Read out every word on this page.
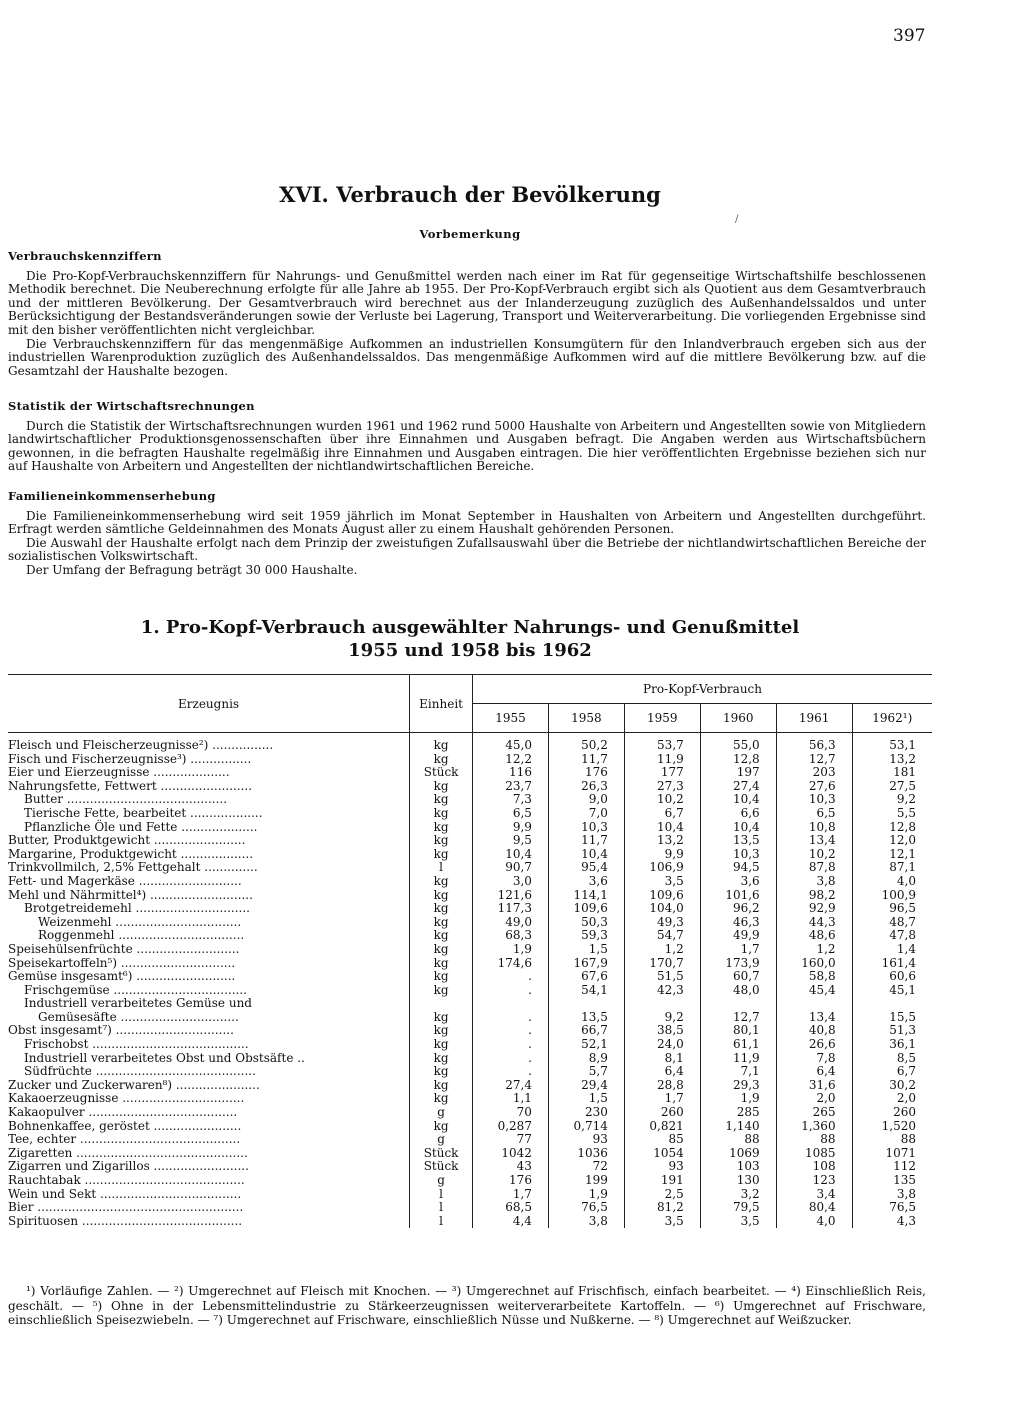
397
XVI. Verbrauch der Bevölkerung
Vorbemerkung
Verbrauchskennziffern

Die Pro-Kopf-Verbrauchskennziffern für Nahrungs- und Genußmittel werden nach einer im Rat für gegenseitige Wirtschaftshilfe beschlossenen Methodik berechnet. Die Neuberechnung erfolgte für alle Jahre ab 1955. Der Pro-Kopf-Verbrauch ergibt sich als Quotient aus dem Gesamtverbrauch und der mittleren Bevölkerung. Der Gesamtverbrauch wird berechnet aus der Inlanderzeugung zuzüglich des Außenhandelssaldos und unter Berücksichtigung der Bestandsveränderungen sowie der Verluste bei Lagerung, Transport und Weiterverarbeitung. Die vorliegenden Ergebnisse sind mit den bisher veröffentlichten nicht vergleichbar.

Die Verbrauchskennziffern für das mengenmäßige Aufkommen an industriellen Konsumgütern für den Inlandverbrauch ergeben sich aus der industriellen Warenproduktion zuzüglich des Außenhandelssaldos. Das mengenmäßige Aufkommen wird auf die mittlere Bevölkerung bzw. auf die Gesamtzahl der Haushalte bezogen.

Statistik der Wirtschaftsrechnungen

Durch die Statistik der Wirtschaftsrechnungen wurden 1961 und 1962 rund 5000 Haushalte von Arbeitern und Angestellten sowie von Mitgliedern landwirtschaftlicher Produktionsgenossenschaften über ihre Einnahmen und Ausgaben befragt. Die Angaben werden aus Wirtschaftsbüchern gewonnen, in die befragten Haushalte regelmäßig ihre Einnahmen und Ausgaben eintragen. Die hier veröffentlichten Ergebnisse beziehen sich nur auf Haushalte von Arbeitern und Angestellten der nichtlandwirtschaftlichen Bereiche.

Familieneinkommenserhebung

Die Familieneinkommenserhebung wird seit 1959 jährlich im Monat September in Haushalten von Arbeitern und Angestellten durchgeführt. Erfragt werden sämtliche Geldeinnahmen des Monats August aller zu einem Haushalt gehörenden Personen.

Die Auswahl der Haushalte erfolgt nach dem Prinzip der zweistufigen Zufallsauswahl über die Betriebe der nichtlandwirtschaftlichen Bereiche der sozialistischen Volkswirtschaft.

Der Umfang der Befragung beträgt 30 000 Haushalte.

1. Pro-Kopf-Verbrauch ausgewählter Nahrungs- und Genußmittel
1955 und 1958 bis 1962
Erzeugnis	Einheit	Pro-Kopf-Verbrauch					
		1955	1958	1959	1960	1961	1962¹)
Fleisch und Fleischerzeugnisse²) ................	kg	45,0	50,2	53,7	55,0	56,3	53,1
Fisch und Fischerzeugnisse³) ................	kg	12,2	11,7	11,9	12,8	12,7	13,2
Eier und Eierzeugnisse ....................	Stück	116	176	177	197	203	181
Nahrungsfette, Fettwert ........................	kg	23,7	26,3	27,3	27,4	27,6	27,5
Butter ..........................................	kg	7,3	9,0	10,2	10,4	10,3	9,2
Tierische Fette, bearbeitet ...................	kg	6,5	7,0	6,7	6,6	6,5	5,5
Pflanzliche Öle und Fette ....................	kg	9,9	10,3	10,4	10,4	10,8	12,8
Butter, Produktgewicht ........................	kg	9,5	11,7	13,2	13,5	13,4	12,0
Margarine, Produktgewicht ...................	kg	10,4	10,4	9,9	10,3	10,2	12,1
Trinkvollmilch, 2,5% Fettgehalt ..............	l	90,7	95,4	106,9	94,5	87,8	87,1
Fett- und Magerkäse ...........................	kg	3,0	3,6	3,5	3,6	3,8	4,0
Mehl und Nährmittel⁴) ...........................	kg	121,6	114,1	109,6	101,6	98,2	100,9
Brotgetreidemehl ..............................	kg	117,3	109,6	104,0	96,2	92,9	96,5
Weizenmehl .................................	kg	49,0	50,3	49,3	46,3	44,3	48,7
Roggenmehl .................................	kg	68,3	59,3	54,7	49,9	48,6	47,8
Speisehülsenfrüchte ...........................	kg	1,9	1,5	1,2	1,7	1,2	1,4
Speisekartoffeln⁵) ..............................	kg	174,6	167,9	170,7	173,9	160,0	161,4
Gemüse insgesamt⁶) ..........................	kg	.	67,6	51,5	60,7	58,8	60,6
Frischgemüse ...................................	kg	.	54,1	42,3	48,0	45,4	45,1
Industriell verarbeitetes Gemüse und							
Gemüsesäfte ...............................	kg	.	13,5	9,2	12,7	13,4	15,5
Obst insgesamt⁷) ...............................	kg	.	66,7	38,5	80,1	40,8	51,3
Frischobst .........................................	kg	.	52,1	24,0	61,1	26,6	36,1
Industriell verarbeitetes Obst und Obstsäfte ..	kg	.	8,9	8,1	11,9	7,8	8,5
Südfrüchte ..........................................	kg	.	5,7	6,4	7,1	6,4	6,7
Zucker und Zuckerwaren⁸) ......................	kg	27,4	29,4	28,8	29,3	31,6	30,2
Kakaoerzeugnisse ................................	kg	1,1	1,5	1,7	1,9	2,0	2,0
Kakaopulver .......................................	g	70	230	260	285	265	260
Bohnenkaffee, geröstet .......................	kg	0,287	0,714	0,821	1,140	1,360	1,520
Tee, echter ..........................................	g	77	93	85	88	88	88
Zigaretten .............................................	Stück	1042	1036	1054	1069	1085	1071
Zigarren und Zigarillos .........................	Stück	43	72	93	103	108	112
Rauchtabak ..........................................	g	176	199	191	130	123	135
Wein und Sekt .....................................	l	1,7	1,9	2,5	3,2	3,4	3,8
Bier ......................................................	l	68,5	76,5	81,2	79,5	80,4	76,5
Spirituosen ..........................................	l	4,4	3,8	3,5	3,5	4,0	4,3

¹) Vorläufige Zahlen. — ²) Umgerechnet auf Fleisch mit Knochen. — ³) Umgerechnet auf Frischfisch, einfach bearbeitet. — ⁴) Einschließlich Reis, geschält. — ⁵) Ohne in der Lebensmittelindustrie zu Stärkeerzeugnissen weiterverarbeitete Kartoffeln. — ⁶) Umgerechnet auf Frischware, einschließlich Speisezwiebeln. — ⁷) Umgerechnet auf Frischware, einschließlich Nüsse und Nußkerne. — ⁸) Umgerechnet auf Weißzucker.

/
